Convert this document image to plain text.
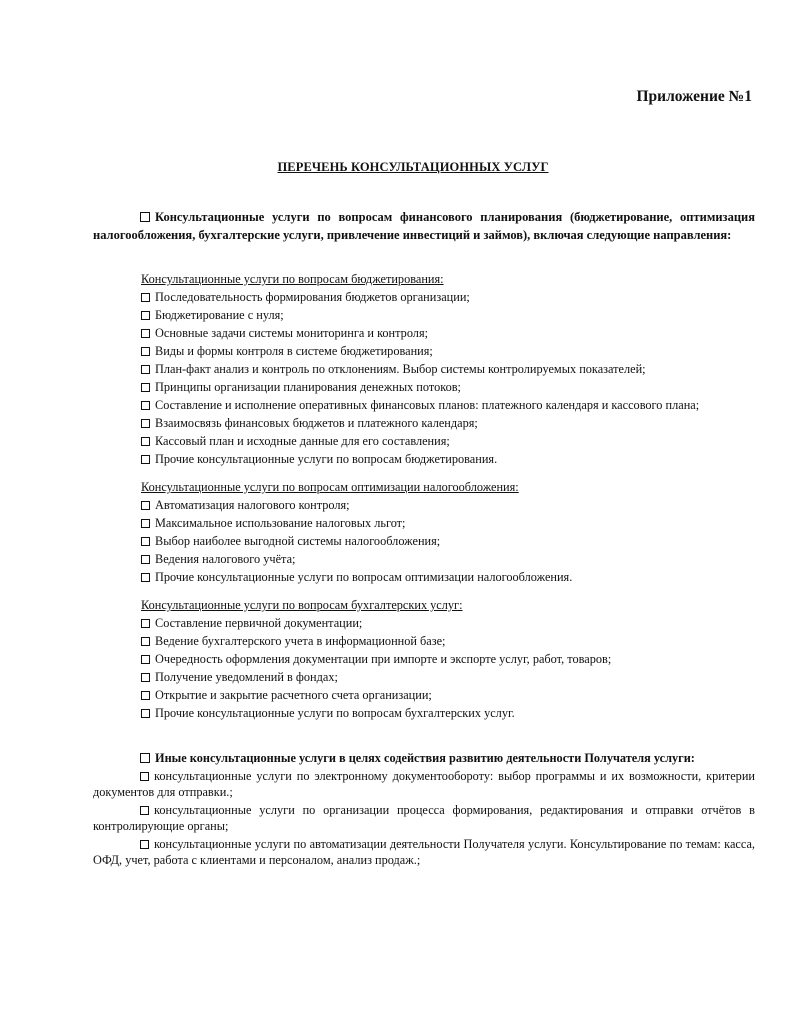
Приложение №1
ПЕРЕЧЕНЬ КОНСУЛЬТАЦИОННЫХ УСЛУГ
Консультационные услуги по вопросам финансового планирования (бюджетирование, оптимизация налогообложения, бухгалтерские услуги, привлечение инвестиций и займов), включая следующие направления:
Консультационные услуги по вопросам бюджетирования:
Последовательность формирования бюджетов организации;
Бюджетирование с нуля;
Основные задачи системы мониторинга и контроля;
Виды и формы контроля в системе бюджетирования;
План-факт анализ и контроль по отклонениям. Выбор системы контролируемых показателей;
Принципы организации планирования денежных потоков;
Составление и исполнение оперативных финансовых планов: платежного календаря и кассового плана;
Взаимосвязь финансовых бюджетов и платежного календаря;
Кассовый план и исходные данные для его составления;
Прочие консультационные услуги по вопросам бюджетирования.
Консультационные услуги по вопросам оптимизации налогообложения:
Автоматизация налогового контроля;
Максимальное использование налоговых льгот;
Выбор наиболее выгодной системы налогообложения;
Ведения налогового учёта;
Прочие консультационные услуги по вопросам оптимизации налогообложения.
Консультационные услуги по вопросам бухгалтерских услуг:
Составление первичной документации;
Ведение бухгалтерского учета в информационной базе;
Очередность оформления документации при импорте и экспорте услуг, работ, товаров;
Получение уведомлений в фондах;
Открытие и закрытие расчетного счета организации;
Прочие консультационные услуги по вопросам бухгалтерских услуг.
Иные консультационные услуги в целях содействия развитию деятельности Получателя услуги:
консультационные услуги по электронному документообороту: выбор программы и их возможности, критерии документов для отправки.;
консультационные услуги по организации процесса формирования, редактирования и отправки отчётов в контролирующие органы;
консультационные услуги по автоматизации деятельности Получателя услуги. Консультирование по темам: касса, ОФД, учет, работа с клиентами и персоналом, анализ продаж.;
